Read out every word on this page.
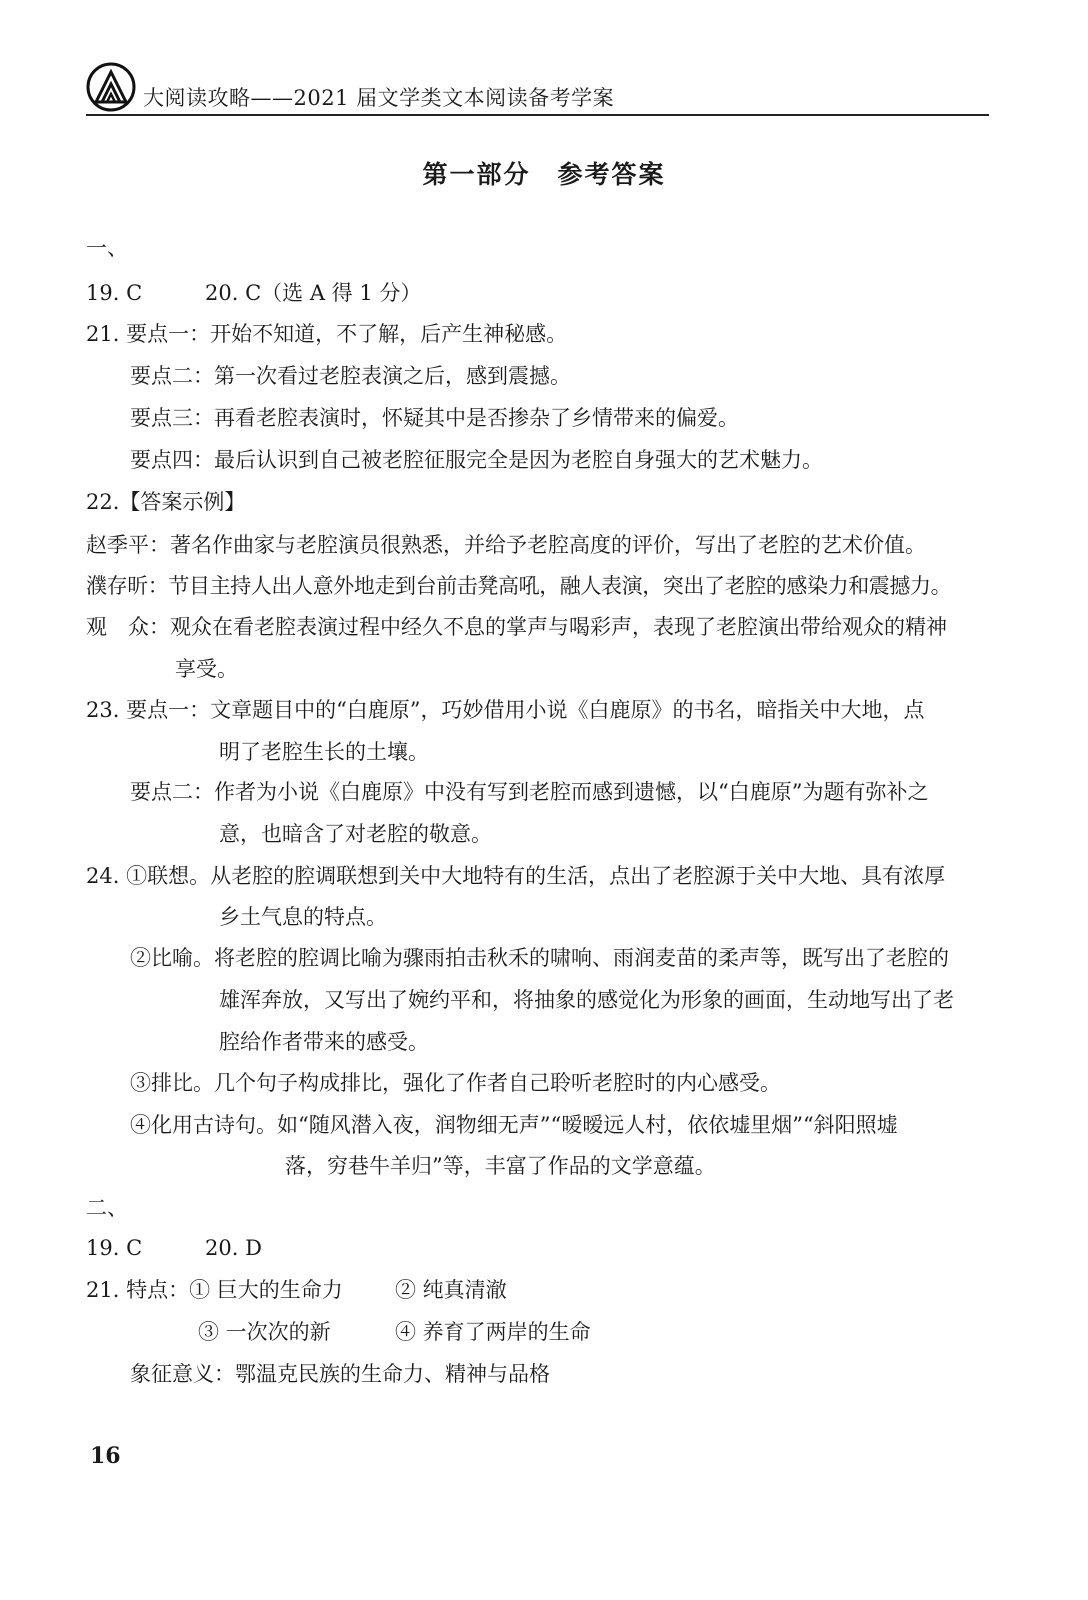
大阅读攻略——2021 届文学类文本阅读备考学案
第一部分　参考答案
一、
19. C	20. C（选 A 得 1 分）
21. 要点一：开始不知道，不了解，后产生神秘感。
要点二：第一次看过老腔表演之后，感到震撼。
要点三：再看老腔表演时，怀疑其中是否掺杂了乡情带来的偏爱。
要点四：最后认识到自己被老腔征服完全是因为老腔自身强大的艺术魅力。
22.【答案示例】
赵季平：著名作曲家与老腔演员很熟悉，并给予老腔高度的评价，写出了老腔的艺术价值。
濮存昕：节目主持人出人意外地走到台前击凳高吼，融人表演，突出了老腔的感染力和震撼力。
观　众：观众在看老腔表演过程中经久不息的掌声与喝彩声，表现了老腔演出带给观众的精神
享受。
23. 要点一：文章题目中的“白鹿原”，巧妙借用小说《白鹿原》的书名，暗指关中大地，点
明了老腔生长的土壤。
要点二：作者为小说《白鹿原》中没有写到老腔而感到遗憾，以“白鹿原”为题有弥补之
意，也暗含了对老腔的敬意。
24. ①联想。从老腔的腔调联想到关中大地特有的生活，点出了老腔源于关中大地、具有浓厚
乡土气息的特点。
②比喻。将老腔的腔调比喻为骤雨拍击秋禾的啸响、雨润麦苗的柔声等，既写出了老腔的
雄浑奔放，又写出了婉约平和，将抽象的感觉化为形象的画面，生动地写出了老
腔给作者带来的感受。
③排比。几个句子构成排比，强化了作者自己聆听老腔时的内心感受。
④化用古诗句。如“随风潜入夜，润物细无声”“暧暧远人村，依依墟里烟”“斜阳照墟
落，穷巷牛羊归”等，丰富了作品的文学意蕴。
二、
19. C	20. D
21. 特点：① 巨大的生命力 ② 纯真清澈
③ 一次次的新	④ 养育了两岸的生命
象征意义：鄂温克民族的生命力、精神与品格
16
